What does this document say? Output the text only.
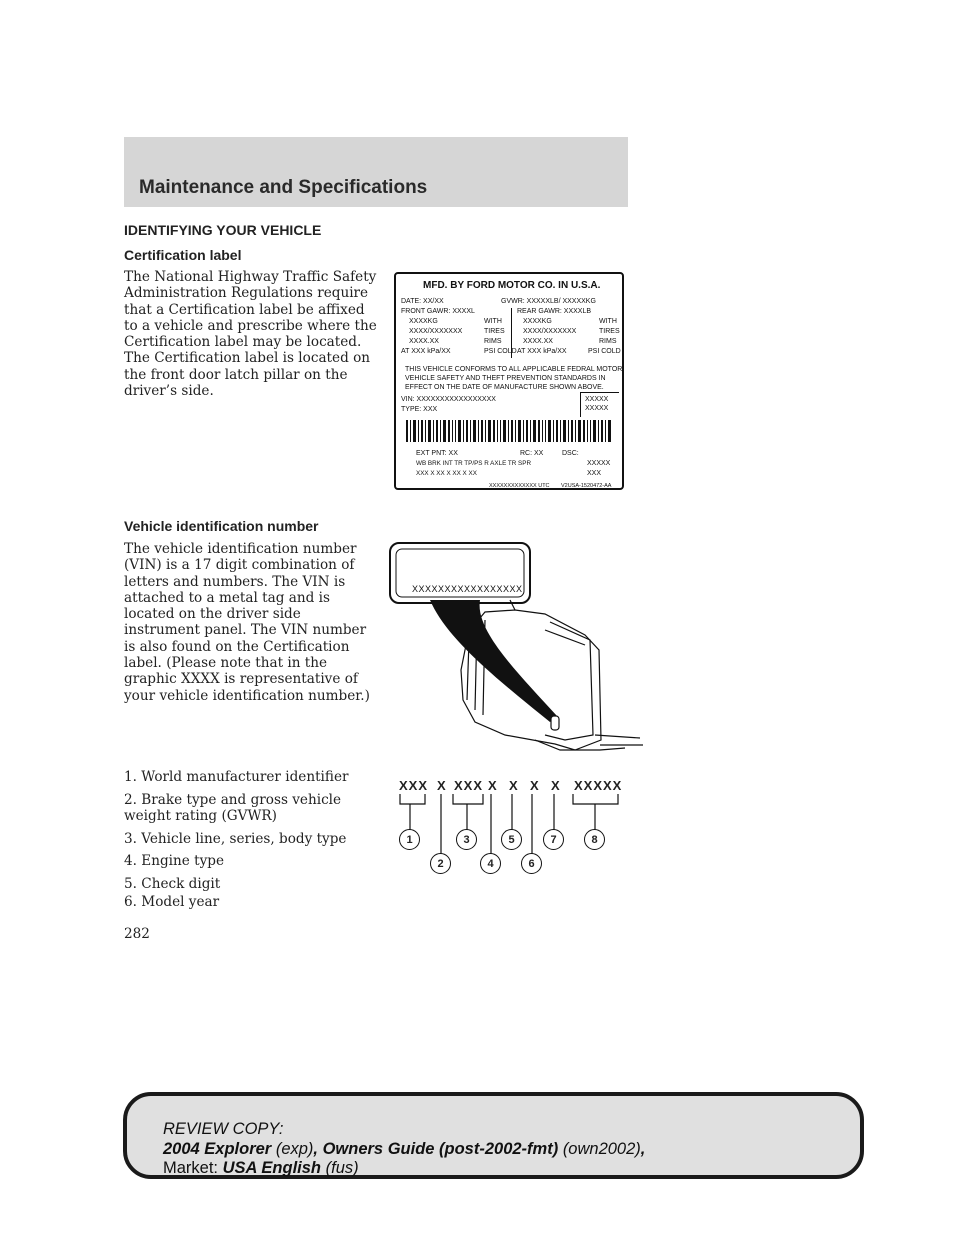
Maintenance and Specifications
IDENTIFYING YOUR VEHICLE
Certification label
The National Highway Traffic Safety
Administration Regulations require
that a Certification label be affixed
to a vehicle and prescribe where the
Certification label may be located.
The Certification label is located on
the front door latch pillar on the
driver’s side.
MFD. BY FORD MOTOR CO. IN U.S.A.
DATE: XX/XX	GVWR: XXXXXLB/ XXXXXKG
FRONT GAWR: XXXXL	REAR GAWR: XXXXLB
XXXXKG	WITH	XXXXKG	WITH
XXXX/XXXXXXX	TIRES	XXXX/XXXXXXX	TIRES
XXXX.XX	RIMS	XXXX.XX	RIMS
AT XXX kPa/XX	PSI COLD AT XXX kPa/XX	PSI COLD
THIS VEHICLE CONFORMS TO ALL APPLICABLE FEDRAL MOTOR
VEHICLE SAFETY AND THEFT PREVENTION STANDARDS IN
EFFECT ON THE DATE OF MANUFACTURE SHOWN ABOVE.
VIN: XXXXXXXXXXXXXXXXX
TYPE: XXX
XXXXX
XXXXX
EXT PNT: XX	RC: XX	DSC:
WB BRK INT TR TP/PS R AXLE TR SPR
XXX X XX X XX X XX
XXXXX
XXX
XXXXXXXXXXXXX UTC V2USA-1520472-AA
Vehicle identification number
The vehicle identification number
(VIN) is a 17 digit combination of
letters and numbers. The VIN is
attached to a metal tag and is
located on the driver side
instrument panel. The VIN number
is also found on the Certification
label. (Please note that in the
graphic XXXX is representative of
your vehicle identification number.)
XXXXXXXXXXXXXXXXX
1. World manufacturer identifier
2. Brake type and gross vehicle
weight rating (GVWR)
3. Vehicle line, series, body type
4. Engine type
5. Check digit
6. Model year
XXX X XXX X X X X XXXXX
1
2
3
4
5
6
7	8
282
REVIEW COPY:
2004 Explorer (exp), Owners Guide (post-2002-fmt) (own2002),
Market: USA English (fus)
